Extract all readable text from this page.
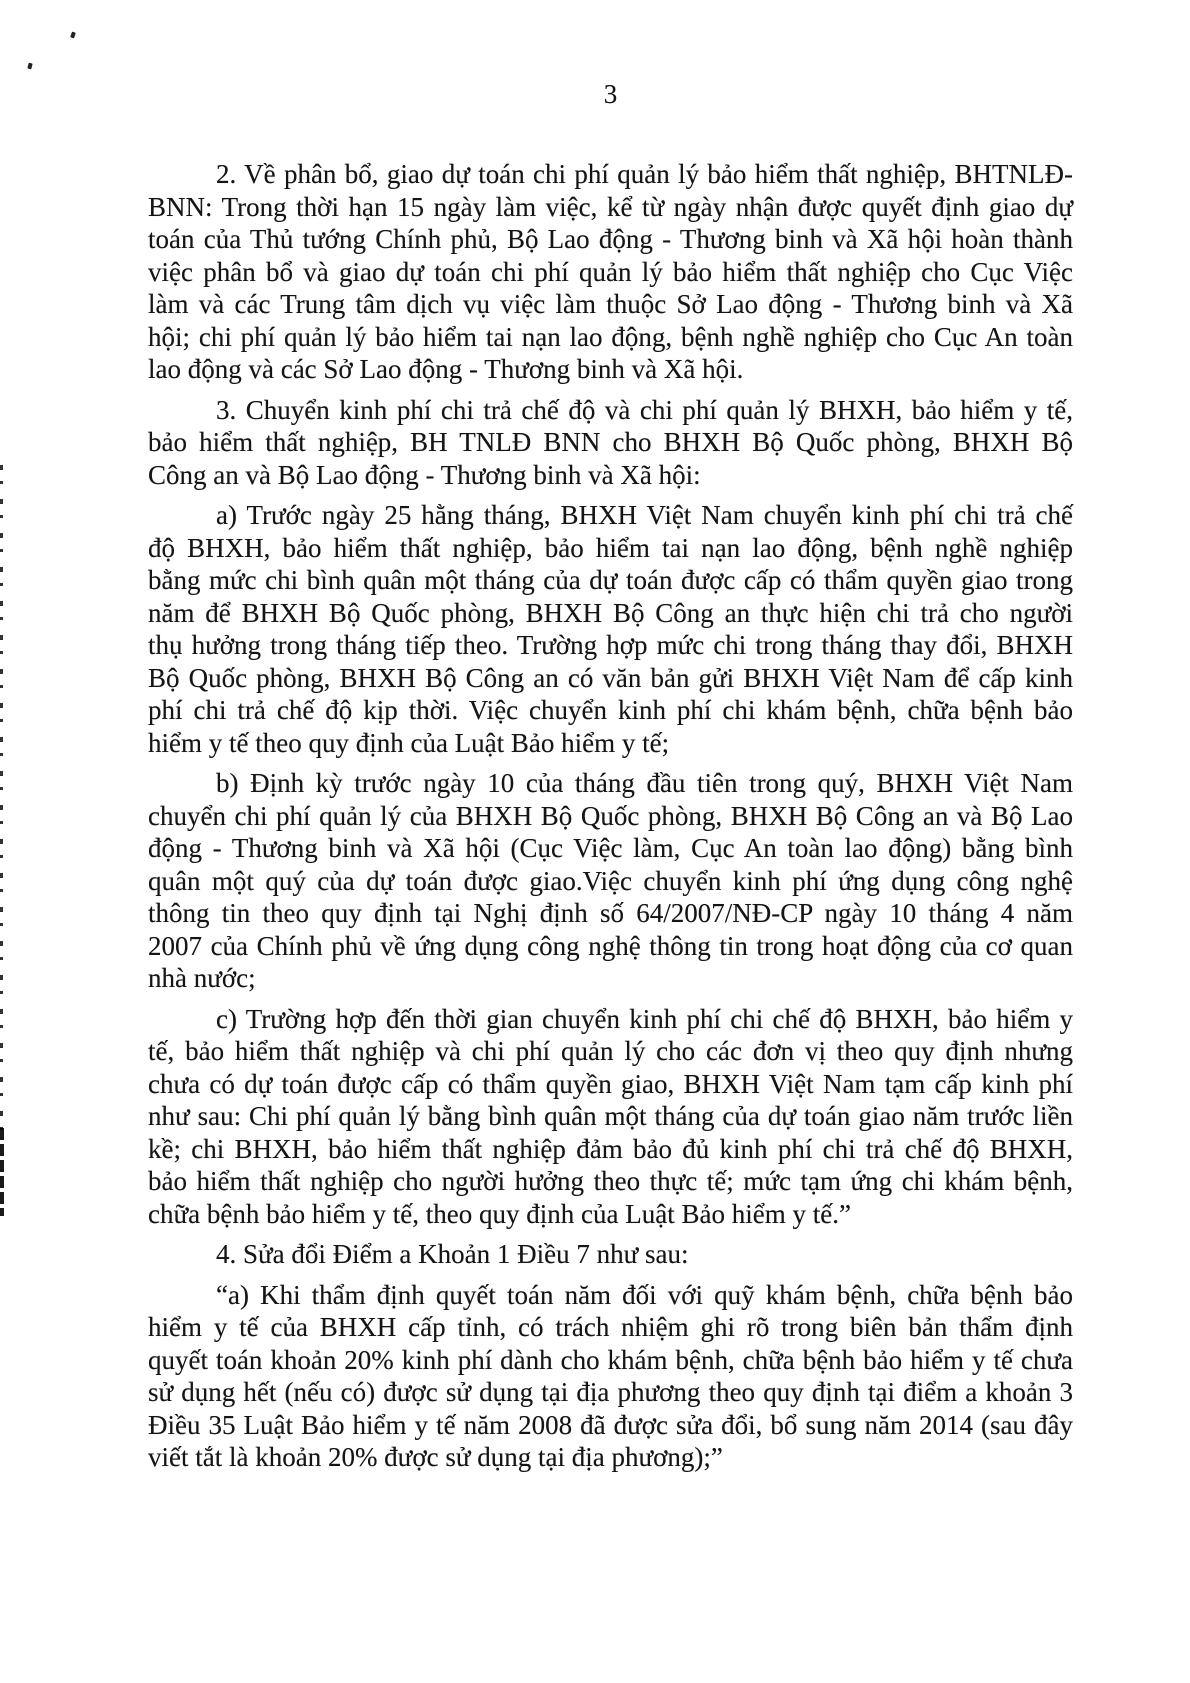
3
2. Về phân bổ, giao dự toán chi phí quản lý bảo hiểm thất nghiệp, BHTNLĐ-
BNN: Trong thời hạn 15 ngày làm việc, kể từ ngày nhận được quyết định giao dự
toán của Thủ tướng Chính phủ, Bộ Lao động - Thương binh và Xã hội hoàn thành
việc phân bổ và giao dự toán chi phí quản lý bảo hiểm thất nghiệp cho Cục Việc
làm và các Trung tâm dịch vụ việc làm thuộc Sở Lao động - Thương binh và Xã
hội; chi phí quản lý bảo hiểm tai nạn lao động, bệnh nghề nghiệp cho Cục An toàn
lao động và các Sở Lao động - Thương binh và Xã hội.
3. Chuyển kinh phí chi trả chế độ và chi phí quản lý BHXH, bảo hiểm y tế,
bảo hiểm thất nghiệp, BH TNLĐ BNN cho BHXH Bộ Quốc phòng, BHXH Bộ
Công an và Bộ Lao động - Thương binh và Xã hội:
a) Trước ngày 25 hằng tháng, BHXH Việt Nam chuyển kinh phí chi trả chế
độ BHXH, bảo hiểm thất nghiệp, bảo hiểm tai nạn lao động, bệnh nghề nghiệp
bằng mức chi bình quân một tháng của dự toán được cấp có thẩm quyền giao trong
năm để BHXH Bộ Quốc phòng, BHXH Bộ Công an thực hiện chi trả cho người
thụ hưởng trong tháng tiếp theo. Trường hợp mức chi trong tháng thay đổi, BHXH
Bộ Quốc phòng, BHXH Bộ Công an có văn bản gửi BHXH Việt Nam để cấp kinh
phí chi trả chế độ kịp thời. Việc chuyển kinh phí chi khám bệnh, chữa bệnh bảo
hiểm y tế theo quy định của Luật Bảo hiểm y tế;
b) Định kỳ trước ngày 10 của tháng đầu tiên trong quý, BHXH Việt Nam
chuyển chi phí quản lý của BHXH Bộ Quốc phòng, BHXH Bộ Công an và Bộ Lao
động - Thương binh và Xã hội (Cục Việc làm, Cục An toàn lao động) bằng bình
quân một quý của dự toán được giao.Việc chuyển kinh phí ứng dụng công nghệ
thông tin theo quy định tại Nghị định số 64/2007/NĐ-CP ngày 10 tháng 4 năm
2007 của Chính phủ về ứng dụng công nghệ thông tin trong hoạt động của cơ quan
nhà nước;
c) Trường hợp đến thời gian chuyển kinh phí chi chế độ BHXH, bảo hiểm y
tế, bảo hiểm thất nghiệp và chi phí quản lý cho các đơn vị theo quy định nhưng
chưa có dự toán được cấp có thẩm quyền giao, BHXH Việt Nam tạm cấp kinh phí
như sau: Chi phí quản lý bằng bình quân một tháng của dự toán giao năm trước liền
kề; chi BHXH, bảo hiểm thất nghiệp đảm bảo đủ kinh phí chi trả chế độ BHXH,
bảo hiểm thất nghiệp cho người hưởng theo thực tế; mức tạm ứng chi khám bệnh,
chữa bệnh bảo hiểm y tế, theo quy định của Luật Bảo hiểm y tế.”
4. Sửa đổi Điểm a Khoản 1 Điều 7 như sau:
“a) Khi thẩm định quyết toán năm đối với quỹ khám bệnh, chữa bệnh bảo
hiểm y tế của BHXH cấp tỉnh, có trách nhiệm ghi rõ trong biên bản thẩm định
quyết toán khoản 20% kinh phí dành cho khám bệnh, chữa bệnh bảo hiểm y tế chưa
sử dụng hết (nếu có) được sử dụng tại địa phương theo quy định tại điểm a khoản 3
Điều 35 Luật Bảo hiểm y tế năm 2008 đã được sửa đổi, bổ sung năm 2014 (sau đây
viết tắt là khoản 20% được sử dụng tại địa phương);”
